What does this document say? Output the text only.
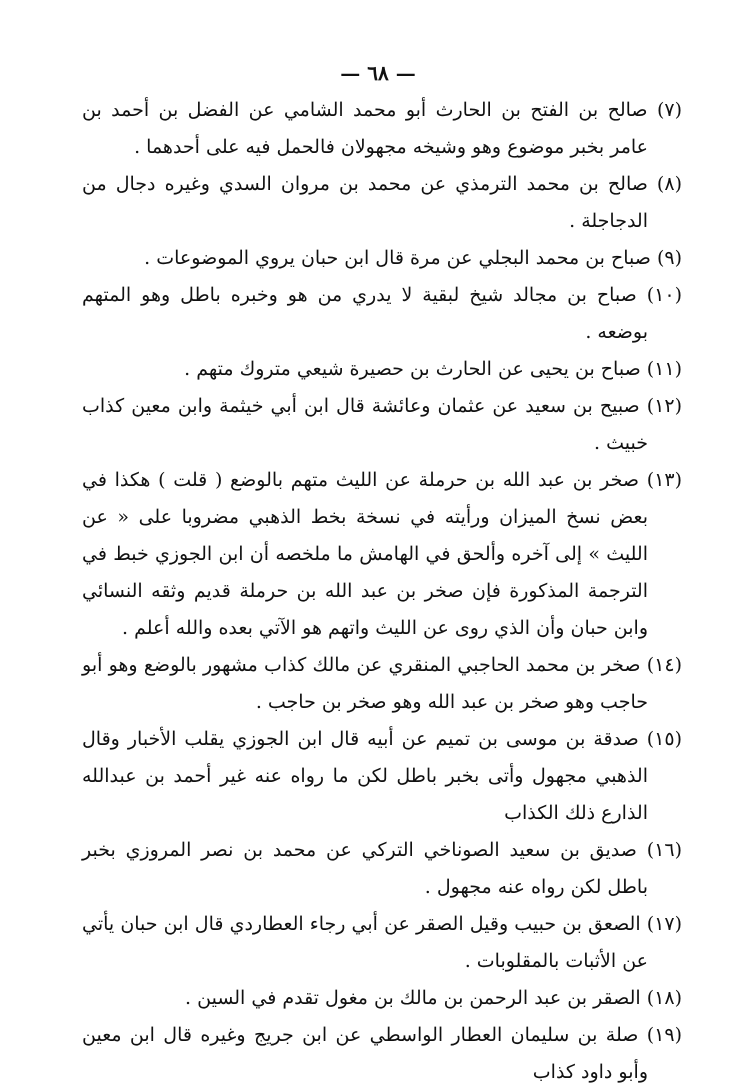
— ٦٨ —

(٧) صالح بن الفتح بن الحارث أبو محمد الشامي عن الفضل بن أحمد بن عامر بخبر موضوع وهو وشيخه مجهولان فالحمل فيه على أحدهما .

(٨) صالح بن محمد الترمذي عن محمد بن مروان السدي وغيره دجال من الدجاجلة .

(٩) صباح بن محمد البجلي عن مرة قال ابن حبان يروي الموضوعات .

(١٠) صباح بن مجالد شيخ لبقية لا يدري من هو وخبره باطل وهو المتهم بوضعه .

(١١) صباح بن يحيى عن الحارث بن حصيرة شيعي متروك متهم .

(١٢) صبيح بن سعيد عن عثمان وعائشة قال ابن أبي خيثمة وابن معين كذاب خبيث .

(١٣) صخر بن عبد الله بن حرملة عن الليث متهم بالوضع ( قلت ) هكذا في بعض نسخ الميزان ورأيته في نسخة بخط الذهبي مضروبا على « عن الليث » إلى آخره وألحق في الهامش ما ملخصه أن ابن الجوزي خبط في الترجمة المذكورة فإن صخر بن عبد الله بن حرملة قديم وثقه النسائي وابن حبان وأن الذي روى عن الليث واتهم هو الآتي بعده والله أعلم .

(١٤) صخر بن محمد الحاجبي المنقري عن مالك كذاب مشهور بالوضع وهو أبو حاجب وهو صخر بن عبد الله وهو صخر بن حاجب .

(١٥) صدقة بن موسى بن تميم عن أبيه قال ابن الجوزي يقلب الأخبار وقال الذهبي مجهول وأتى بخبر باطل لكن ما رواه عنه غير أحمد بن عبدالله الذارع ذلك الكذاب

(١٦) صديق بن سعيد الصوناخي التركي عن محمد بن نصر المروزي بخبر باطل لكن رواه عنه مجهول .

(١٧) الصعق بن حبيب وقيل الصقر عن أبي رجاء العطاردي قال ابن حبان يأتي عن الأثبات بالمقلوبات .

(١٨) الصقر بن عبد الرحمن بن مالك بن مغول تقدم في السين .

(١٩) صلة بن سليمان العطار الواسطي عن ابن جريج وغيره قال ابن معين وأبو داود كذاب
